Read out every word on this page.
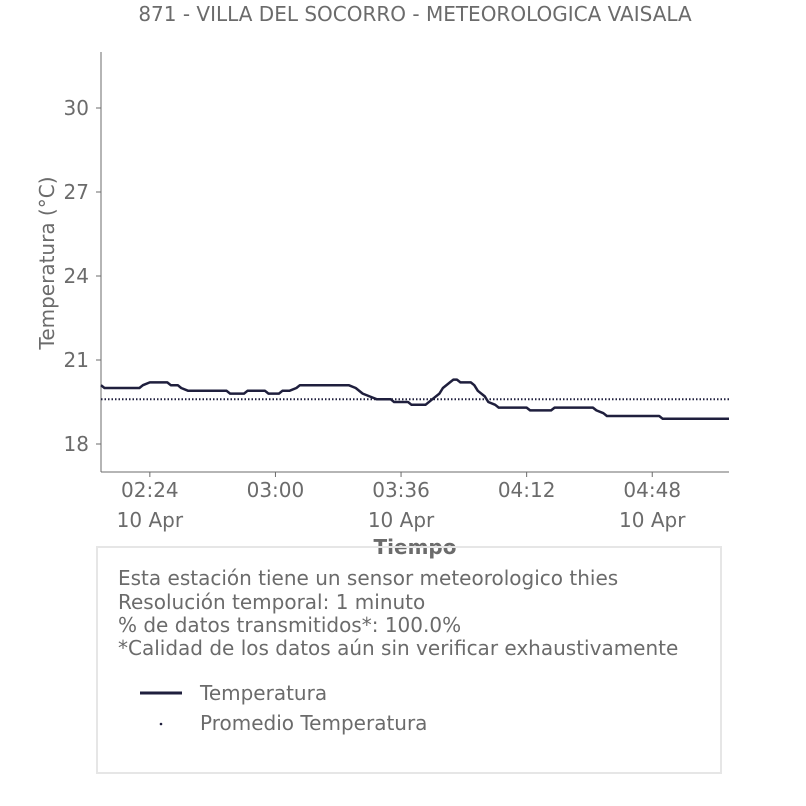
871 - VILLA DEL SOCORRO - METEOROLOGICA VAISALA
18
21
24
27
30
02:24
10 Apr
03:00	03:36
10 Apr
04:12	04:48
10 Apr
Temperatura (°C)
Tiempo
Esta estación tiene un sensor meteorologico thies
Resolución temporal: 1 minuto
% de datos transmitidos*: 100.0%
*Calidad de los datos aún sin verificar exhaustivamente
Temperatura
Promedio Temperatura
